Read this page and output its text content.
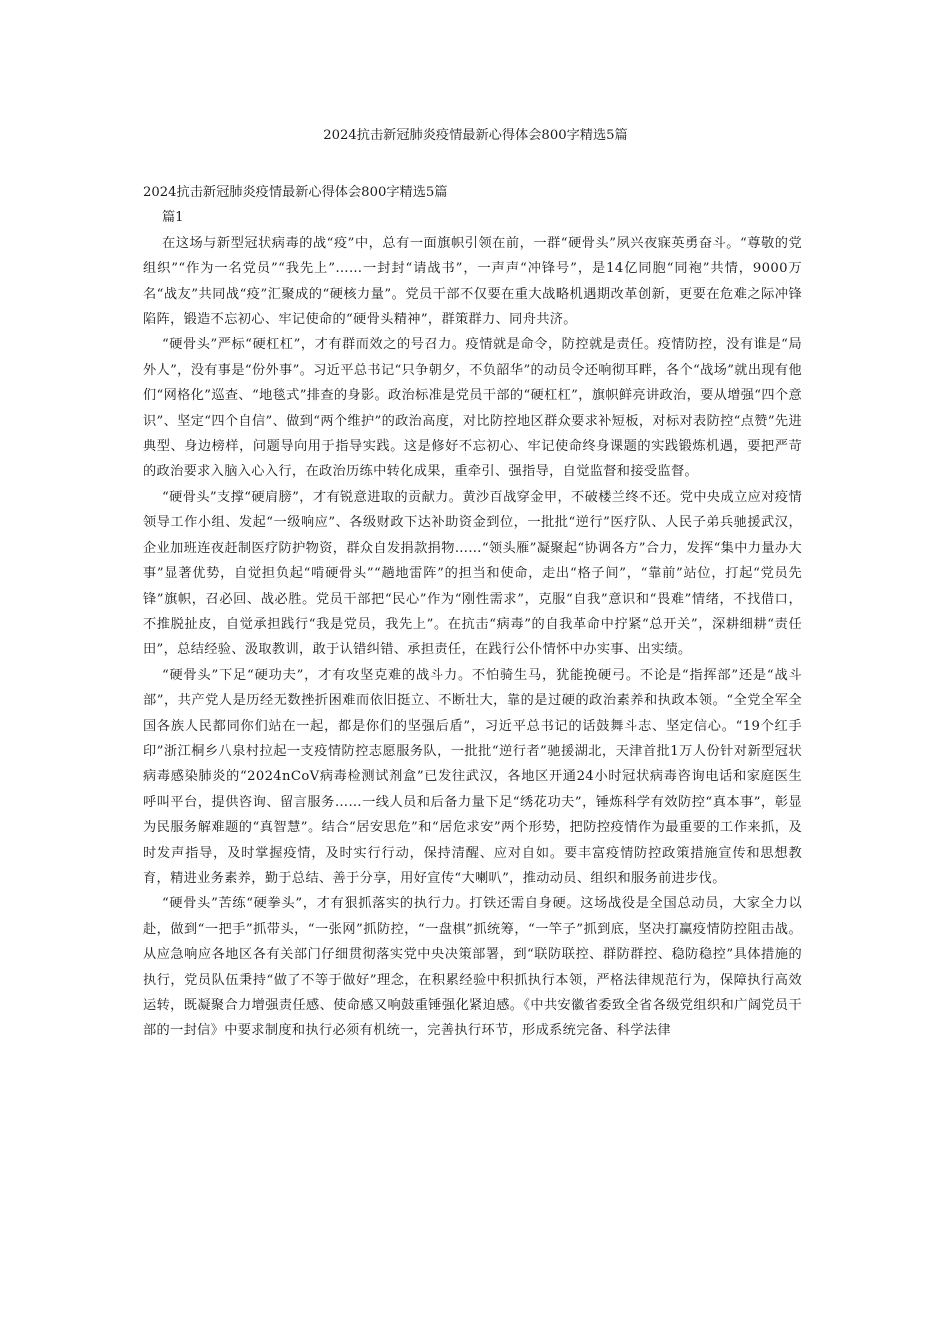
2024抗击新冠肺炎疫情最新心得体会800字精选5篇
2024抗击新冠肺炎疫情最新心得体会800字精选5篇
篇1

在这场与新型冠状病毒的战“疫”中，总有一面旗帜引领在前，一群“硬骨头”夙兴夜寐英勇奋斗。“尊敬的党组织”“作为一名党员”“我先上”……一封封“请战书”，一声声“冲锋号”，是14亿同胞“同袍”共情，9000万名“战友”共同战“疫”汇聚成的“硬核力量”。党员干部不仅要在重大战略机遇期改革创新，更要在危难之际冲锋陷阵，锻造不忘初心、牢记使命的“硬骨头精神”，群策群力、同舟共济。

“硬骨头”严标“硬杠杠”，才有群而效之的号召力。疫情就是命令，防控就是责任。疫情防控，没有谁是“局外人”，没有事是“份外事”。习近平总书记“只争朝夕，不负韶华”的动员令还响彻耳畔，各个“战场”就出现有他们“网格化”巡查、“地毯式”排查的身影。政治标准是党员干部的“硬杠杠”，旗帜鲜亮讲政治，要从增强“四个意识”、坚定“四个自信”、做到“两个维护”的政治高度，对比防控地区群众要求补短板，对标对表防控“点赞”先进典型、身边榜样，问题导向用于指导实践。这是修好不忘初心、牢记使命终身课题的实践锻炼机遇，要把严苛的政治要求入脑入心入行，在政治历练中转化成果，重牵引、强指导，自觉监督和接受监督。

“硬骨头”支撑“硬肩膀”，才有锐意进取的贡献力。黄沙百战穿金甲，不破楼兰终不还。党中央成立应对疫情领导工作小组、发起“一级响应”、各级财政下达补助资金到位，一批批“逆行”医疗队、人民子弟兵驰援武汉，企业加班连夜赶制医疗防护物资，群众自发捐款捐物……“领头雁”凝聚起“协调各方”合力，发挥“集中力量办大事”显著优势，自觉担负起“啃硬骨头”“趟地雷阵”的担当和使命，走出“格子间”，“靠前”站位，打起“党员先锋”旗帜，召必回、战必胜。党员干部把“民心”作为“刚性需求”，克服“自我”意识和“畏难”情绪，不找借口，不推脱扯皮，自觉承担践行“我是党员，我先上”。在抗击“病毒”的自我革命中拧紧“总开关”，深耕细耕“责任田”，总结经验、汲取教训，敢于认错纠错、承担责任，在践行公仆情怀中办实事、出实绩。

“硬骨头”下足“硬功夫”，才有攻坚克难的战斗力。不怕骑生马，犹能挽硬弓。不论是“指挥部”还是“战斗部”，共产党人是历经无数挫折困难而依旧挺立、不断壮大，靠的是过硬的政治素养和执政本领。“全党全军全国各族人民都同你们站在一起，都是你们的坚强后盾”，习近平总书记的话鼓舞斗志、坚定信心。“19个红手印”浙江桐乡八泉村拉起一支疫情防控志愿服务队，一批批“逆行者”驰援湖北，天津首批1万人份针对新型冠状病毒感染肺炎的“2024nCoV病毒检测试剂盒”已发往武汉，各地区开通24小时冠状病毒咨询电话和家庭医生呼叫平台，提供咨询、留言服务……一线人员和后备力量下足“绣花功夫”，锤炼科学有效防控“真本事”，彰显为民服务解难题的“真智慧”。结合“居安思危”和“居危求安”两个形势，把防控疫情作为最重要的工作来抓，及时发声指导，及时掌握疫情，及时实行行动，保持清醒、应对自如。要丰富疫情防控政策措施宣传和思想教育，精进业务素养，勤于总结、善于分享，用好宣传“大喇叭”，推动动员、组织和服务前进步伐。

“硬骨头”苦练“硬拳头”，才有狠抓落实的执行力。打铁还需自身硬。这场战役是全国总动员，大家全力以赴，做到“一把手”抓带头，“一张网”抓防控，“一盘棋”抓统筹，“一竿子”抓到底，坚决打赢疫情防控阻击战。从应急响应各地区各有关部门仔细贯彻落实党中央决策部署，到“联防联控、群防群控、稳防稳控”具体措施的执行，党员队伍秉持“做了不等于做好”理念，在积累经验中积抓执行本领，严格法律规范行为，保障执行高效运转，既凝聚合力增强责任感、使命感又响鼓重锤强化紧迫感。《中共安徽省委致全省各级党组织和广阔党员干部的一封信》中要求制度和执行必须有机统一，完善执行环节，形成系统完备、科学法律
